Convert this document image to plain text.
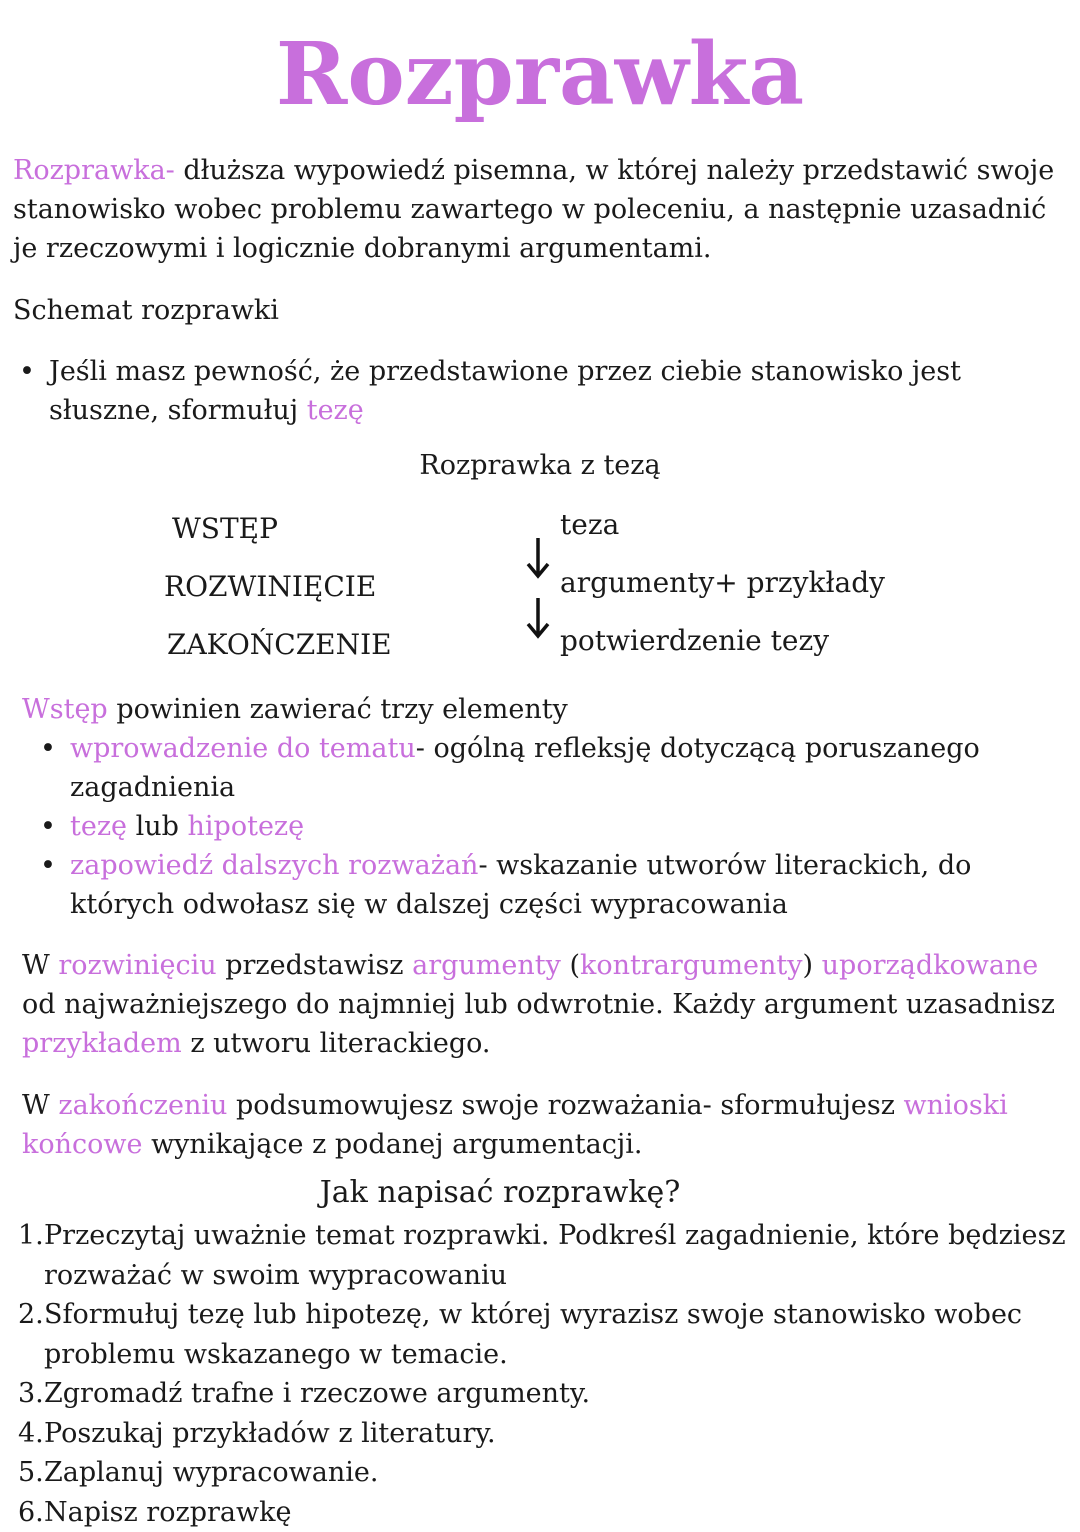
Rozprawka
Rozprawka- dłuższa wypowiedź pisemna, w której należy przedstawić swoje stanowisko wobec problemu zawartego w poleceniu, a następnie uzasadnić je rzeczowymi i logicznie dobranymi argumentami.
Schemat rozprawki
• Jeśli masz pewność, że przedstawione przez ciebie stanowisko jest słuszne, sformułuj tezę
Rozprawka z tezą
WSTĘP
ROZWINIĘCIE
ZAKOŃCZENIE
teza
argumenty+ przykłady
potwierdzenie tezy
Wstęp powinien zawierać trzy elementy
• wprowadzenie do tematu- ogólną refleksję dotyczącą poruszanego zagadnienia
• tezę lub hipotezę
• zapowiedź dalszych rozważań- wskazanie utworów literackich, do których odwołasz się w dalszej części wypracowania
W rozwinięciu przedstawisz argumenty (kontrargumenty) uporządkowane od najważniejszego do najmniej lub odwrotnie. Każdy argument uzasadnisz przykładem z utworu literackiego.
W zakończeniu podsumowujesz swoje rozważania- sformułujesz wnioski końcowe wynikające z podanej argumentacji.
Jak napisać rozprawkę?
1. Przeczytaj uważnie temat rozprawki. Podkreśl zagadnienie, które będziesz rozważać w swoim wypracowaniu
2. Sformułuj tezę lub hipotezę, w której wyrazisz swoje stanowisko wobec problemu wskazanego w temacie.
3. Zgromadź trafne i rzeczowe argumenty.
4. Poszukaj przykładów z literatury.
5. Zaplanuj wypracowanie.
6. Napisz rozprawkę
